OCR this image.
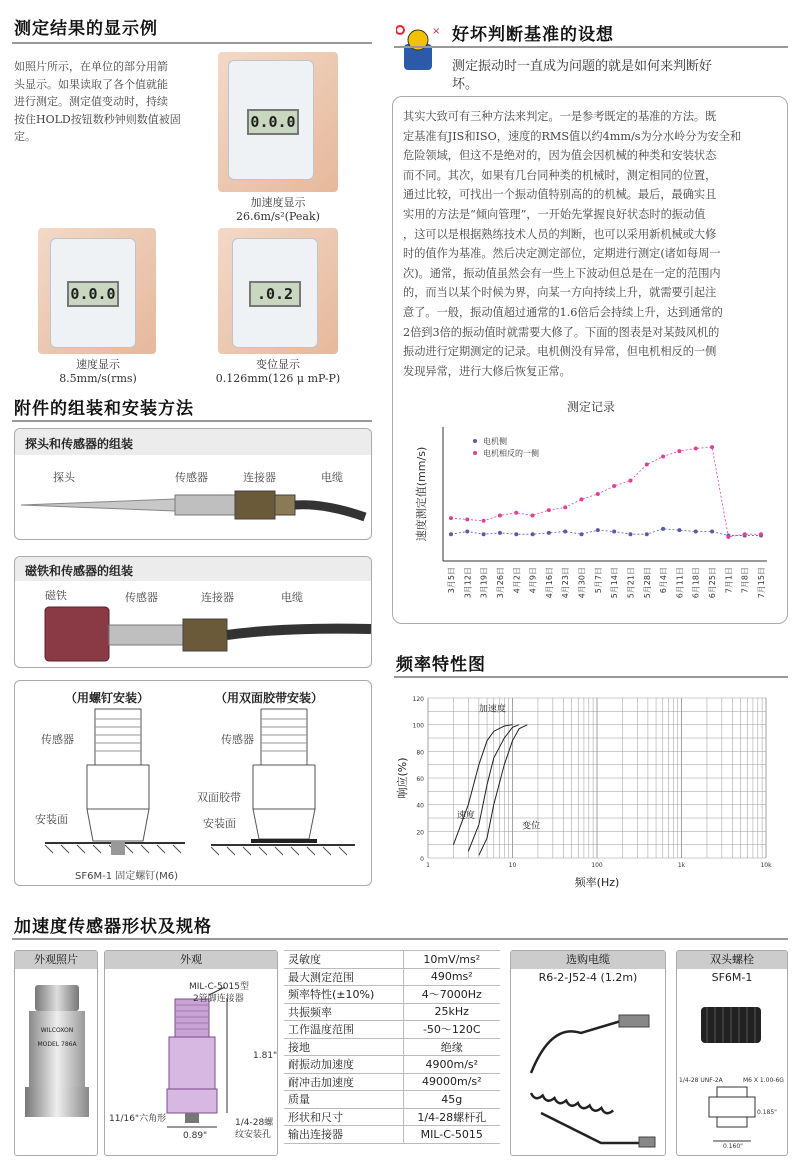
测定结果的显示例
如照片所示，在单位的部分用箭
头显示。如果读取了各个值就能
进行测定。测定值变动时，持续
按住HOLD按钮数秒钟则数值被固
定。
0.0.0
加速度显示
26.6m/s²(Peak)
0.0.0
速度显示
8.5mm/s(rms)
.0.2
变位显示
0.126mm(126 μ mP-P)
附件的组装和安装方法
探头和传感器的组装
探头	传感器	连接器	电缆
磁铁和传感器的组装
磁铁	传感器	连接器	电缆
（用螺钉安装）	（用双面胶带安装）
传感器
安装面
SF6M-1 固定螺钉(M6)
传感器
双面胶带
安装面
× 好坏判断基准的设想
测定振动时一直成为问题的就是如何来判断好
坏。
其实大致可有三种方法来判定。一是参考既定的基准的方法。既
定基准有JIS和ISO，速度的RMS值以约4mm/s为分水岭分为安全和
危险领域，但这不是绝对的，因为值会因机械的种类和安装状态
而不同。其次，如果有几台同种类的机械时，测定相同的位置，
通过比较，可找出一个振动值特别高的的机械。最后，最确实且
实用的方法是“倾向管理”，一开始先掌握良好状态时的振动值
，这可以是根据熟练技术人员的判断，也可以采用新机械或大修
时的值作为基准。然后决定测定部位，定期进行测定(诸如每周一
次)。通常，振动值虽然会有一些上下波动但总是在一定的范围内
的，而当以某个时候为界，向某一方向持续上升，就需要引起注
意了。一般，振动值超过通常的1.6倍后会持续上升，达到通常的
2倍到3倍的振动值时就需要大修了。下面的图表是对某鼓风机的
振动进行定期测定的记录。电机侧没有异常，但电机相反的一侧
发现异常，进行大修后恢复正常。
测定记录
速度测定值(mm/s)
3月5日 3月12日 3月19日 3月26日 4月2日 4月9日 4月16日 4月23日 4月30日 5月7日 5月14日 5月21日 5月28日 6月4日 6月11日 6月18日 6月25日 7月1日 7月8日 7月15日
电机侧
电机相反的一侧
频率特性图
0
20
40
60
80
100
120
1	10	100	1k	10k
频率(Hz)
响应(%)
加速度
速度
变位
加速度传感器形状及规格
外观照片
WILCOXON
MODEL 786A
外观
MIL-C-5015型
2管脚连接器
1.81"
0.89"
11/16"六角形	1/4-28螺
纹安装孔
灵敏度	10mV/ms²
最大测定范围	490ms²
频率特性(±10%)	4～7000Hz
共振频率	25kHz
工作温度范围	-50～120C
接地	绝缘
耐振动加速度	4900m/s²
耐冲击加速度	49000m/s²
质量	45g
形状和尺寸	1/4-28螺杆孔
输出连接器	MIL-C-5015
选购电缆
R6-2-J52-4 (1.2m)
双头螺栓
SF6M-1
1/4-28 UNF-2A	M6 X 1.00-6G
0.185"
0.160"
